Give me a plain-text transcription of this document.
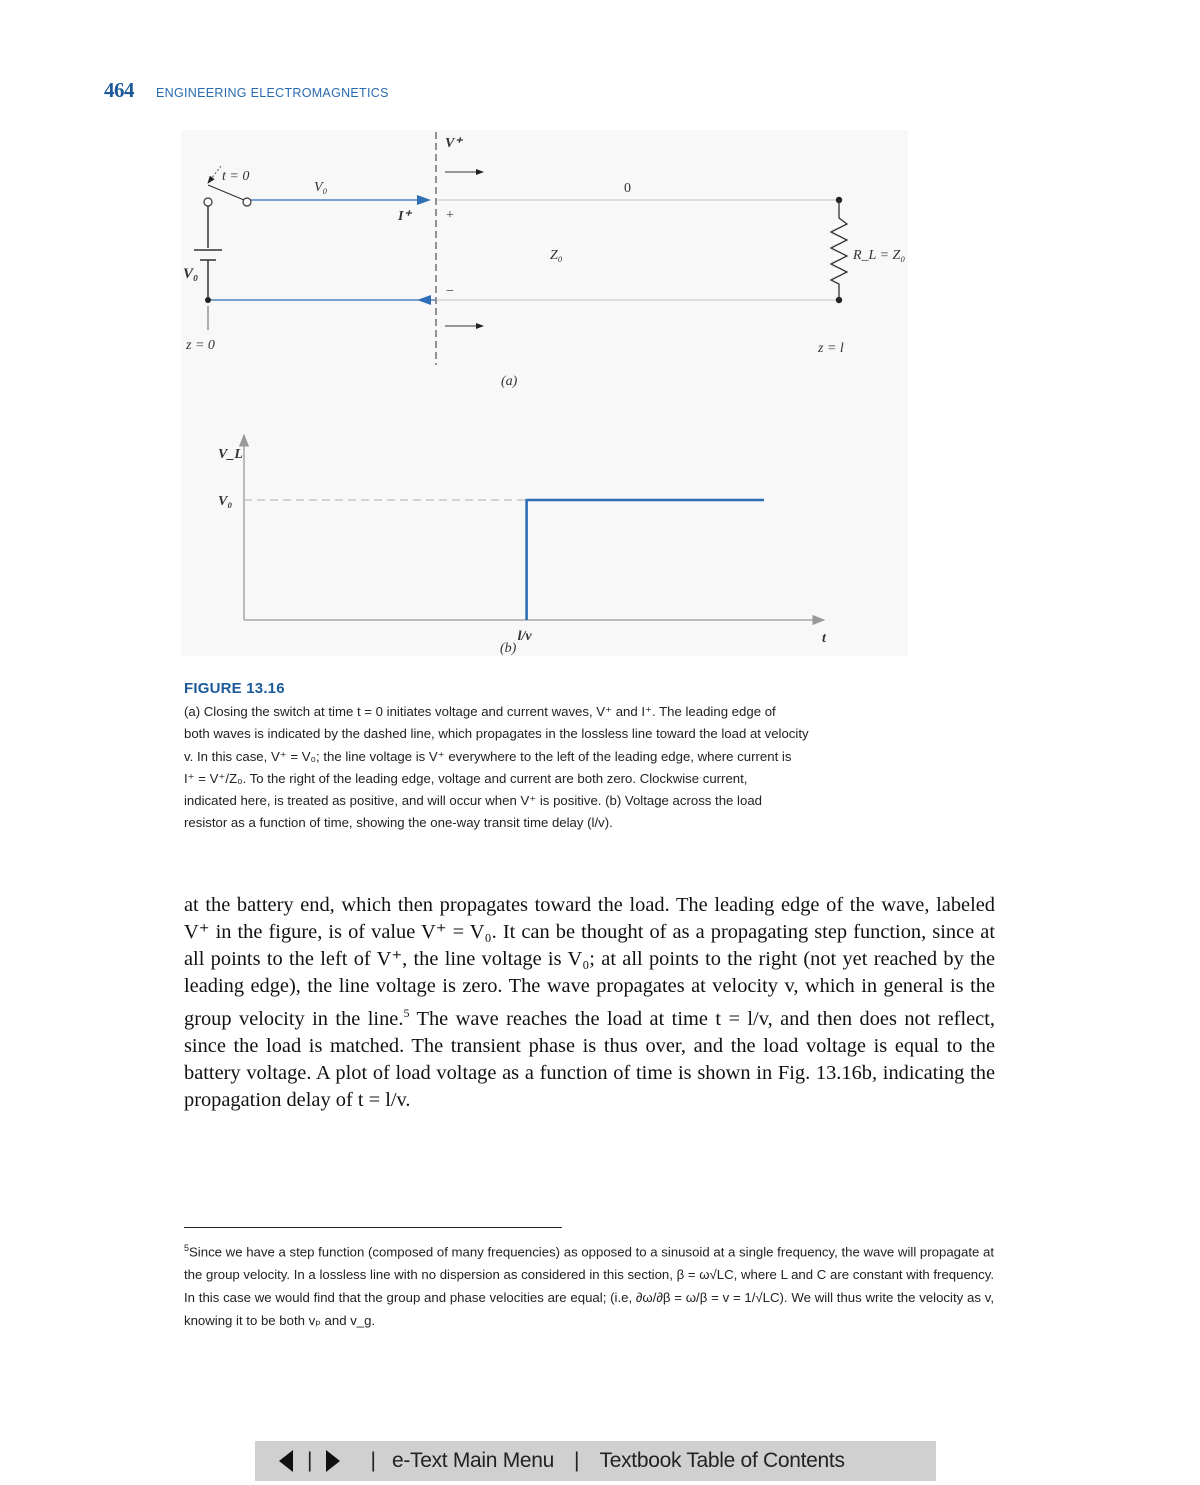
464 ENGINEERING ELECTROMAGNETICS
t = 0
V₀
z = 0
V₀	0
I⁺
V⁺
+
−
Z₀	R_L = Z₀
z = l
(a)
V_L
t
V₀
l/v
(b)
FIGURE 13.16
(a) Closing the switch at time t = 0 initiates voltage and current waves, V⁺ and I⁺. The leading edge of
both waves is indicated by the dashed line, which propagates in the lossless line toward the load at velocity
v. In this case, V⁺ = V₀; the line voltage is V⁺ everywhere to the left of the leading edge, where current is
I⁺ = V⁺/Z₀. To the right of the leading edge, voltage and current are both zero. Clockwise current,
indicated here, is treated as positive, and will occur when V⁺ is positive. (b) Voltage across the load
resistor as a function of time, showing the one-way transit time delay (l/v).

at the battery end, which then propagates toward the load. The leading edge of the wave, labeled V⁺ in the figure, is of value V⁺ = V₀. It can be thought of as a propagating step function, since at all points to the left of V⁺, the line voltage is V₀; at all points to the right (not yet reached by the leading edge), the line voltage is zero. The wave propagates at velocity v, which in general is the group velocity in the line.$^5$ The wave reaches the load at time t = l/v, and then does not reflect, since the load is matched. The transient phase is thus over, and the load voltage is equal to the battery voltage. A plot of load voltage as a function of time is shown in Fig. 13.16b, indicating the propagation delay of t = l/v.

$^5$Since we have a step function (composed of many frequencies) as opposed to a sinusoid at a single frequency, the wave will propagate at the group velocity. In a lossless line with no dispersion as considered in this section, β = ω√LC, where L and C are constant with frequency. In this case we would find that the group and phase velocities are equal; (i.e, ∂ω/∂β = ω/β = v = 1/√LC). We will thus write the velocity as v, knowing it to be both vₚ and v_g.
|	| e-Text Main Menu | Textbook Table of Contents
